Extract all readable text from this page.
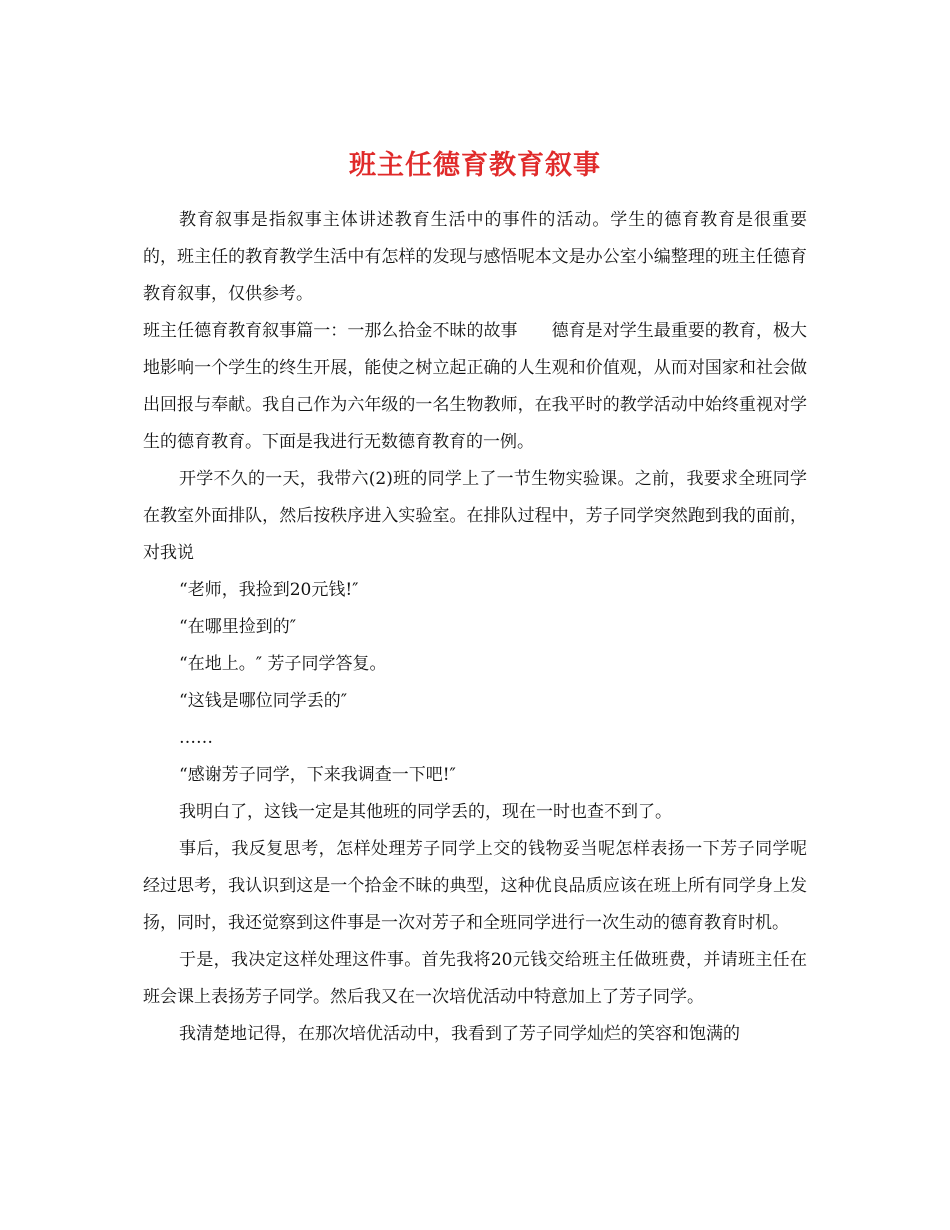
班主任德育教育叙事

教育叙事是指叙事主体讲述教育生活中的事件的活动。学生的德育教育是很重要的，班主任的教育教学生活中有怎样的发现与感悟呢本文是办公室小编整理的班主任德育教育叙事，仅供参考。

班主任德育教育叙事篇一：一那么拾金不昧的故事　　德育是对学生最重要的教育，极大地影响一个学生的终生开展，能使之树立起正确的人生观和价值观，从而对国家和社会做出回报与奉献。我自己作为六年级的一名生物教师，在我平时的教学活动中始终重视对学生的德育教育。下面是我进行无数德育教育的一例。

开学不久的一天，我带六(2)班的同学上了一节生物实验课。之前，我要求全班同学在教室外面排队，然后按秩序进入实验室。在排队过程中，芳子同学突然跑到我的面前，对我说

“老师，我捡到20元钱!″

“在哪里捡到的″

“在地上。″ 芳子同学答复。

“这钱是哪位同学丢的″

……

“感谢芳子同学，下来我调查一下吧!″

我明白了，这钱一定是其他班的同学丢的，现在一时也查不到了。

事后，我反复思考，怎样处理芳子同学上交的钱物妥当呢怎样表扬一下芳子同学呢经过思考，我认识到这是一个拾金不昧的典型，这种优良品质应该在班上所有同学身上发扬，同时，我还觉察到这件事是一次对芳子和全班同学进行一次生动的德育教育时机。

于是，我决定这样处理这件事。首先我将20元钱交给班主任做班费，并请班主任在班会课上表扬芳子同学。然后我又在一次培优活动中特意加上了芳子同学。

我清楚地记得，在那次培优活动中，我看到了芳子同学灿烂的笑容和饱满的
